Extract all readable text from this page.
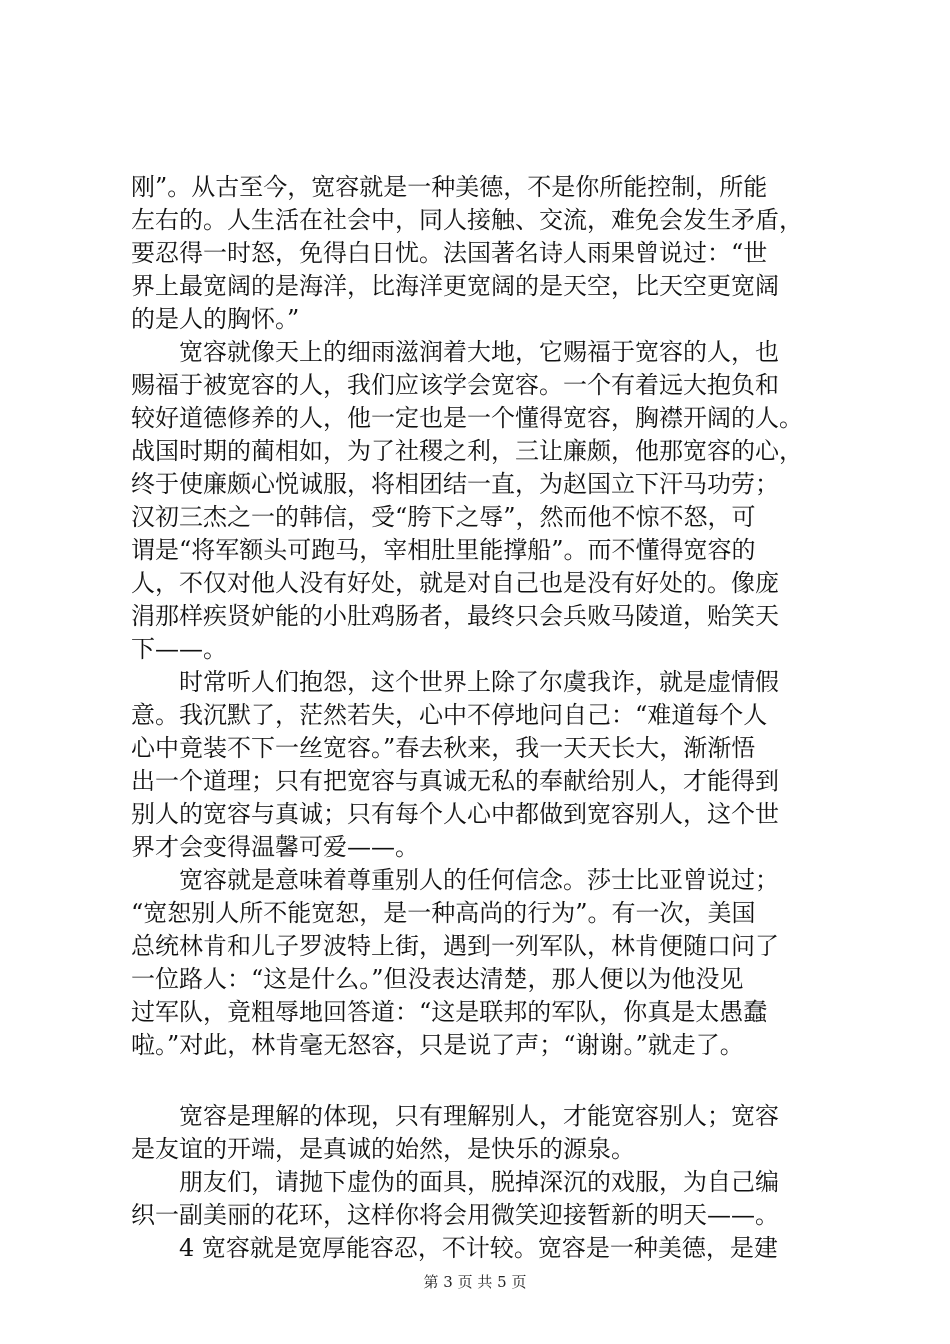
刚”。从古至今，宽容就是一种美德，不是你所能控制，所能
左右的。人生活在社会中，同人接触、交流，难免会发生矛盾，
要忍得一时怒，免得白日忧。法国著名诗人雨果曾说过：“世
界上最宽阔的是海洋，比海洋更宽阔的是天空，比天空更宽阔
的是人的胸怀。”
　　宽容就像天上的细雨滋润着大地，它赐福于宽容的人，也
赐福于被宽容的人，我们应该学会宽容。一个有着远大抱负和
较好道德修养的人，他一定也是一个懂得宽容，胸襟开阔的人。
战国时期的蔺相如，为了社稷之利，三让廉颇，他那宽容的心，
终于使廉颇心悦诚服，将相团结一直，为赵国立下汗马功劳；
汉初三杰之一的韩信，受“胯下之辱”，然而他不惊不怒，可
谓是“将军额头可跑马，宰相肚里能撑船”。而不懂得宽容的
人，不仅对他人没有好处，就是对自己也是没有好处的。像庞
涓那样疾贤妒能的小肚鸡肠者，最终只会兵败马陵道，贻笑天
下——。
　　时常听人们抱怨，这个世界上除了尔虞我诈，就是虚情假
意。我沉默了，茫然若失，心中不停地问自己：“难道每个人
心中竟装不下一丝宽容。”春去秋来，我一天天长大，渐渐悟
出一个道理；只有把宽容与真诚无私的奉献给别人，才能得到
别人的宽容与真诚；只有每个人心中都做到宽容别人，这个世
界才会变得温馨可爱——。
　　宽容就是意味着尊重别人的任何信念。莎士比亚曾说过；
“宽恕别人所不能宽恕，是一种高尚的行为”。有一次，美国
总统林肯和儿子罗波特上街，遇到一列军队，林肯便随口问了
一位路人：“这是什么。”但没表达清楚，那人便以为他没见
过军队，竟粗辱地回答道：“这是联邦的军队，你真是太愚蠢
啦。”对此，林肯毫无怒容，只是说了声；“谢谢。”就走了。
　　宽容是理解的体现，只有理解别人，才能宽容别人；宽容
是友谊的开端，是真诚的始然，是快乐的源泉。
　　朋友们，请抛下虚伪的面具，脱掉深沉的戏服，为自己编
织一副美丽的花环，这样你将会用微笑迎接暂新的明天——。
　　4 宽容就是宽厚能容忍，不计较。宽容是一种美德，是建
第 3 页 共 5 页
